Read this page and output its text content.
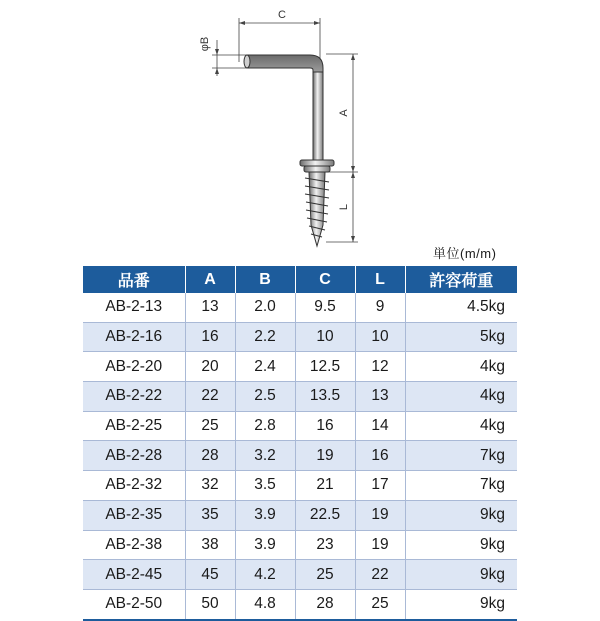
C
φB
A
L
単位(m/m)
品番	A	B	C	L	許容荷重
AB-2-13	13	2.0	9.5	9	4.5kg
AB-2-16	16	2.2	10	10	5kg
AB-2-20	20	2.4	12.5	12	4kg
AB-2-22	22	2.5	13.5	13	4kg
AB-2-25	25	2.8	16	14	4kg
AB-2-28	28	3.2	19	16	7kg
AB-2-32	32	3.5	21	17	7kg
AB-2-35	35	3.9	22.5	19	9kg
AB-2-38	38	3.9	23	19	9kg
AB-2-45	45	4.2	25	22	9kg
AB-2-50	50	4.8	28	25	9kg
